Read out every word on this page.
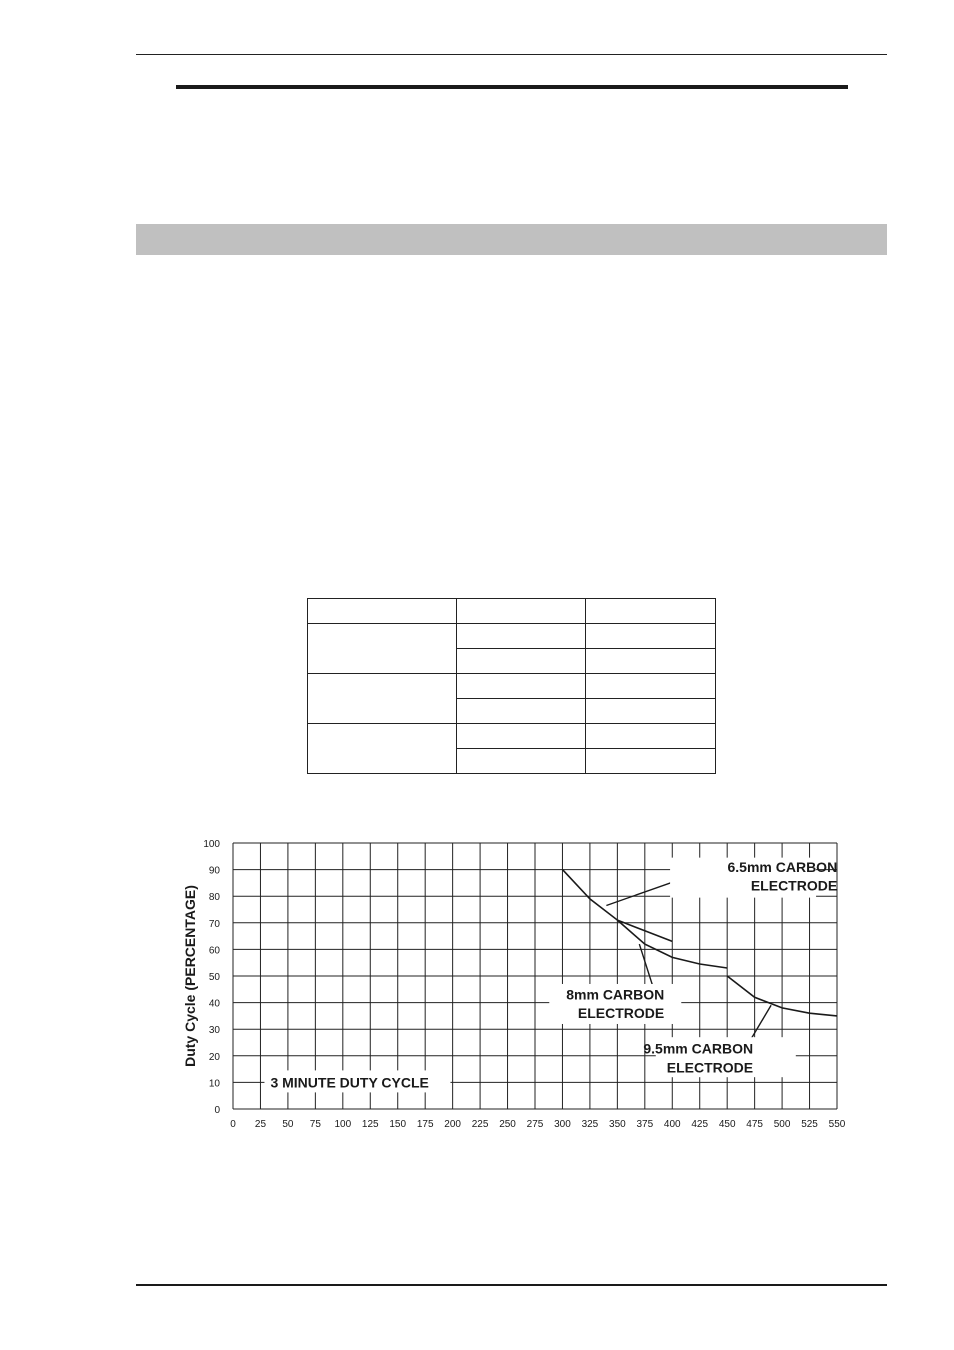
0 25 50 75 100 125 150 175 200 225 250 275 300 325 350 375 400 425 450 475 500 525 550
0
10
20
30
40
50
60
70
80
90
100
Duty Cycle (PERCENTAGE)
3 MINUTE DUTY CYCLE
6.5mm CARBON
ELECTRODE
8mm CARBON
ELECTRODE
9.5mm CARBON
ELECTRODE
